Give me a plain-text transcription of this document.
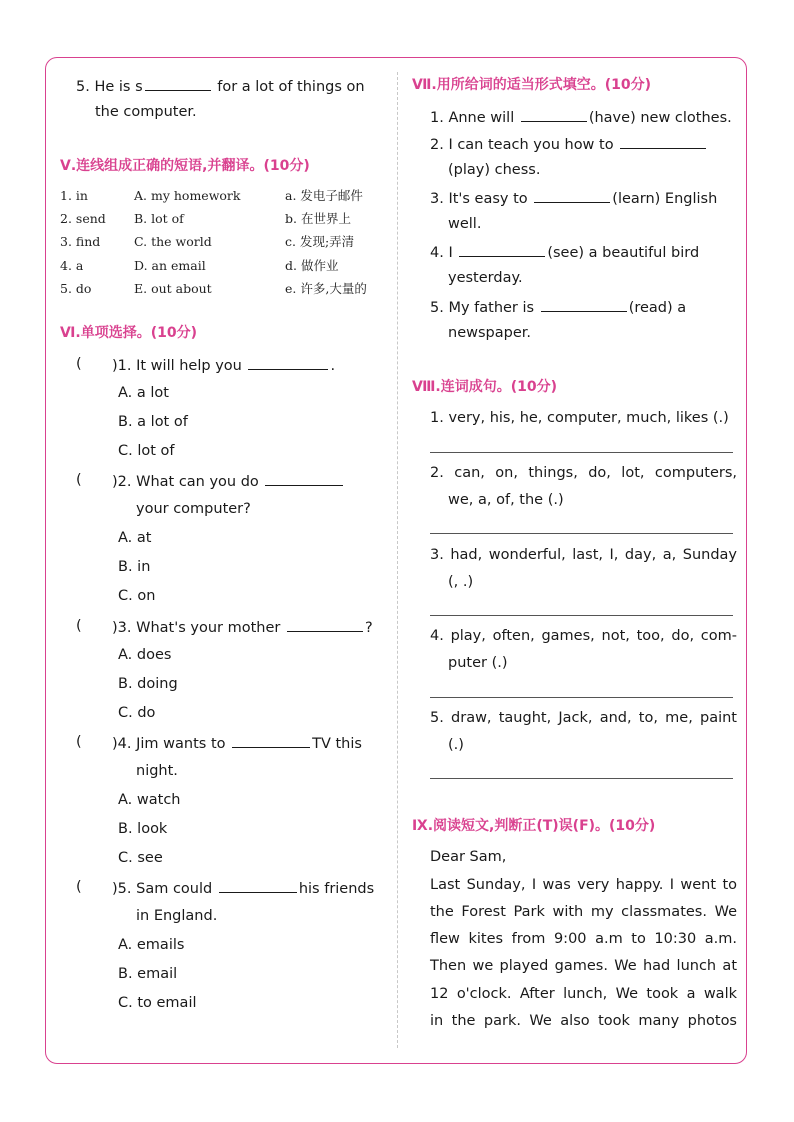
5. He is s	for a lot of things on
the computer.
Ⅴ.连线组成正确的短语,并翻译。(10分)
1. in	A. my homework	a. 发电子邮件
2. send B. lot of	b. 在世界上
3. find	C. the world	c. 发现;弄清
4. a	D. an email	d. 做作业
5. do	E. out about	e. 许多,大量的
Ⅵ.单项选择。(10分)
( )1. It will help you	.
A. a lot
B. a lot of
C. lot of
( )2. What can you do
your computer?
A. at
B. in
C. on
( )3. What's your mother	?
A. does
B. doing
C. do
( )4. Jim wants to	TV this
night.
A. watch
B. look
C. see
( )5. Sam could	his friends
in England.
A. emails
B. email
C. to email
Ⅶ.用所给词的适当形式填空。(10分)
1. Anne will	(have) new clothes.
2. I can teach you how to
(play) chess.
3. It's easy to	(learn) English
well.
4. I	(see) a beautiful bird
yesterday.
5. My father is	(read) a
newspaper.
Ⅷ.连词成句。(10分)
1. very, his, he, computer, much, likes (.)
2. can, on, things, do, lot, computers,
we, a, of, the (.)
3. had, wonderful, last, I, day, a, Sunday
(, .)
4. play, often, games, not, too, do, com-
puter (.)
5. draw, taught, Jack, and, to, me, paint
(.)
Ⅸ.阅读短文,判断正(T)误(F)。(10分)
Dear Sam,
Last Sunday, I was very happy. I went to
the Forest Park with my classmates. We
flew kites from 9:00 a.m to 10:30 a.m.
Then we played games. We had lunch at
12 o'clock. After lunch, We took a walk
in the park. We also took many photos
